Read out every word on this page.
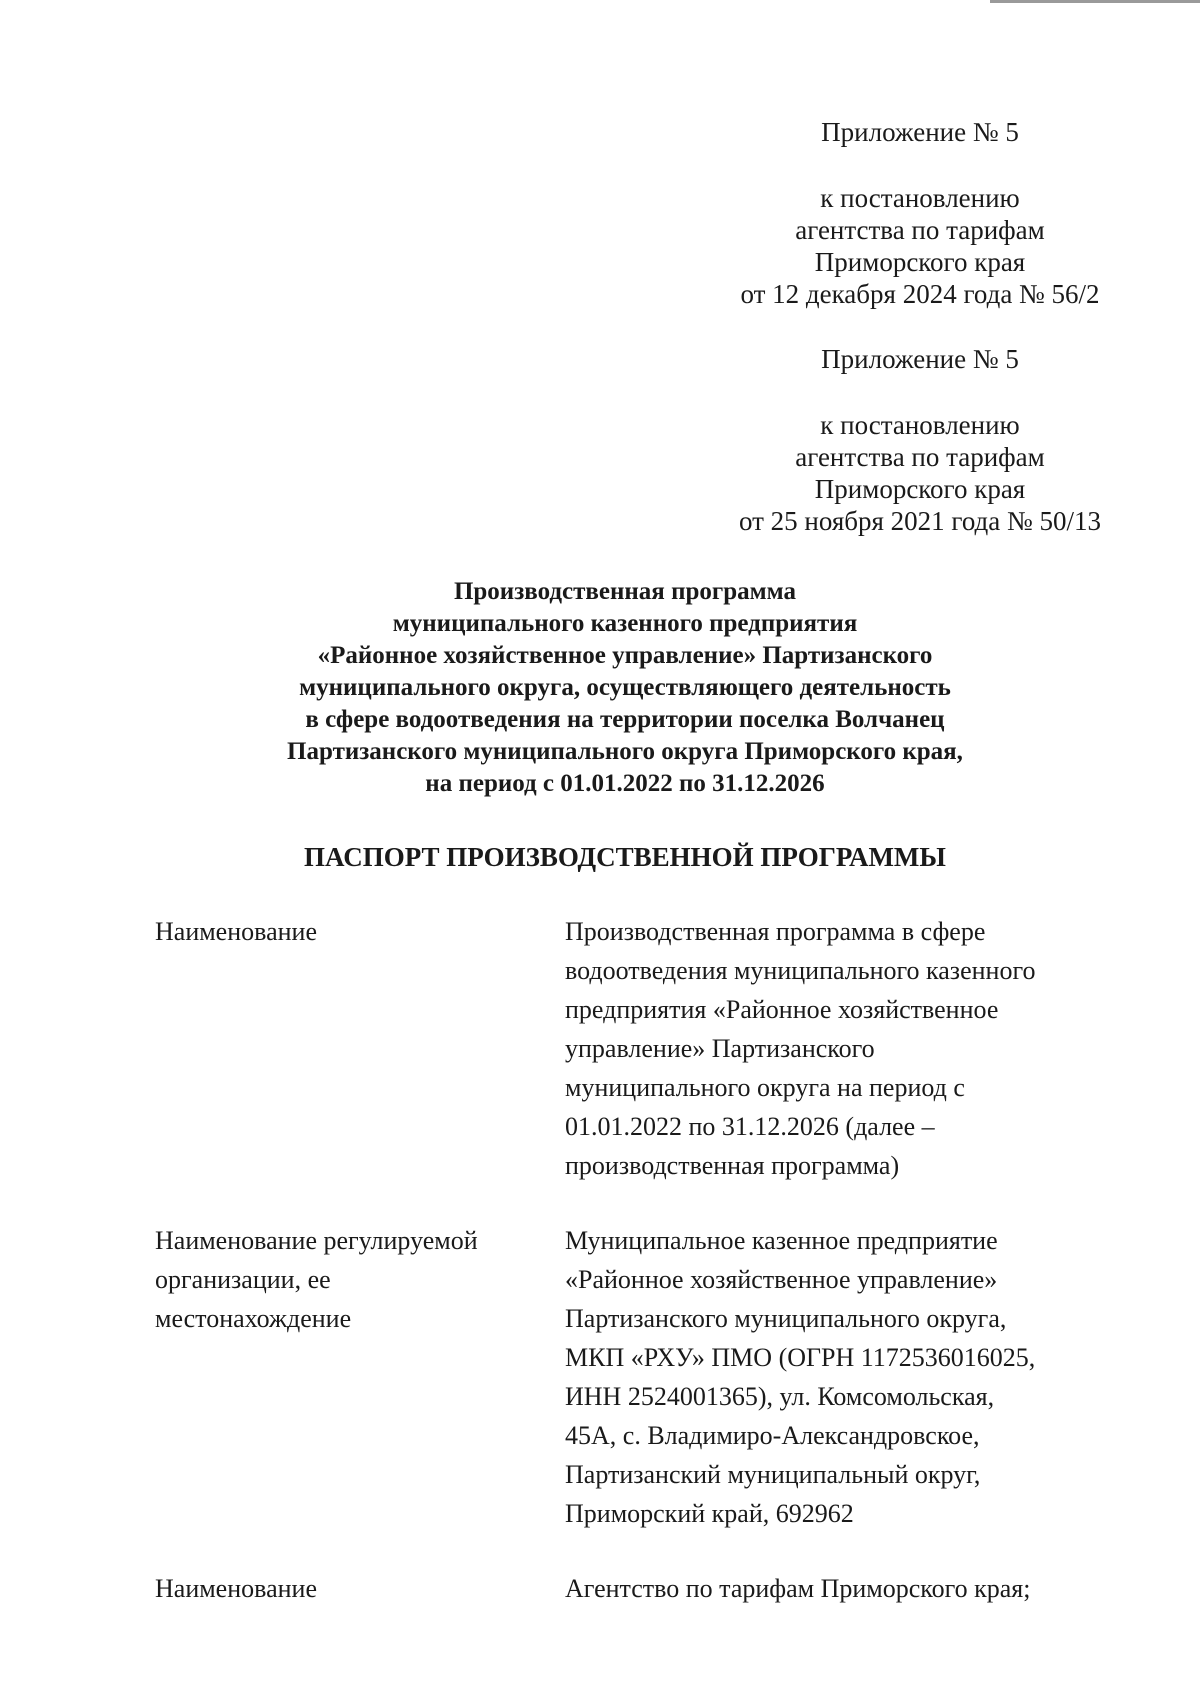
Приложение № 5
к постановлению
агентства по тарифам
Приморского края
от 12 декабря 2024 года № 56/2
Приложение № 5
к постановлению
агентства по тарифам
Приморского края
от 25 ноября 2021 года № 50/13
Производственная программа
муниципального казенного предприятия
«Районное хозяйственное управление» Партизанского
муниципального округа, осуществляющего деятельность
в сфере водоотведения на территории поселка Волчанец
Партизанского муниципального округа Приморского края,
на период с 01.01.2022 по 31.12.2026
ПАСПОРТ ПРОИЗВОДСТВЕННОЙ ПРОГРАММЫ
Наименование	Производственная программа в сфере
водоотведения муниципального казенного
предприятия «Районное хозяйственное
управление» Партизанского
муниципального округа на период с
01.01.2022 по 31.12.2026 (далее –
производственная программа)
Наименование регулируемой
организации, ее
местонахождение
Муниципальное казенное предприятие
«Районное хозяйственное управление»
Партизанского муниципального округа,
МКП «РХУ» ПМО (ОГРН 1172536016025,
ИНН 2524001365), ул. Комсомольская,
45А, с. Владимиро-Александровское,
Партизанский муниципальный округ,
Приморский край, 692962
Наименование	Агентство по тарифам Приморского края;
